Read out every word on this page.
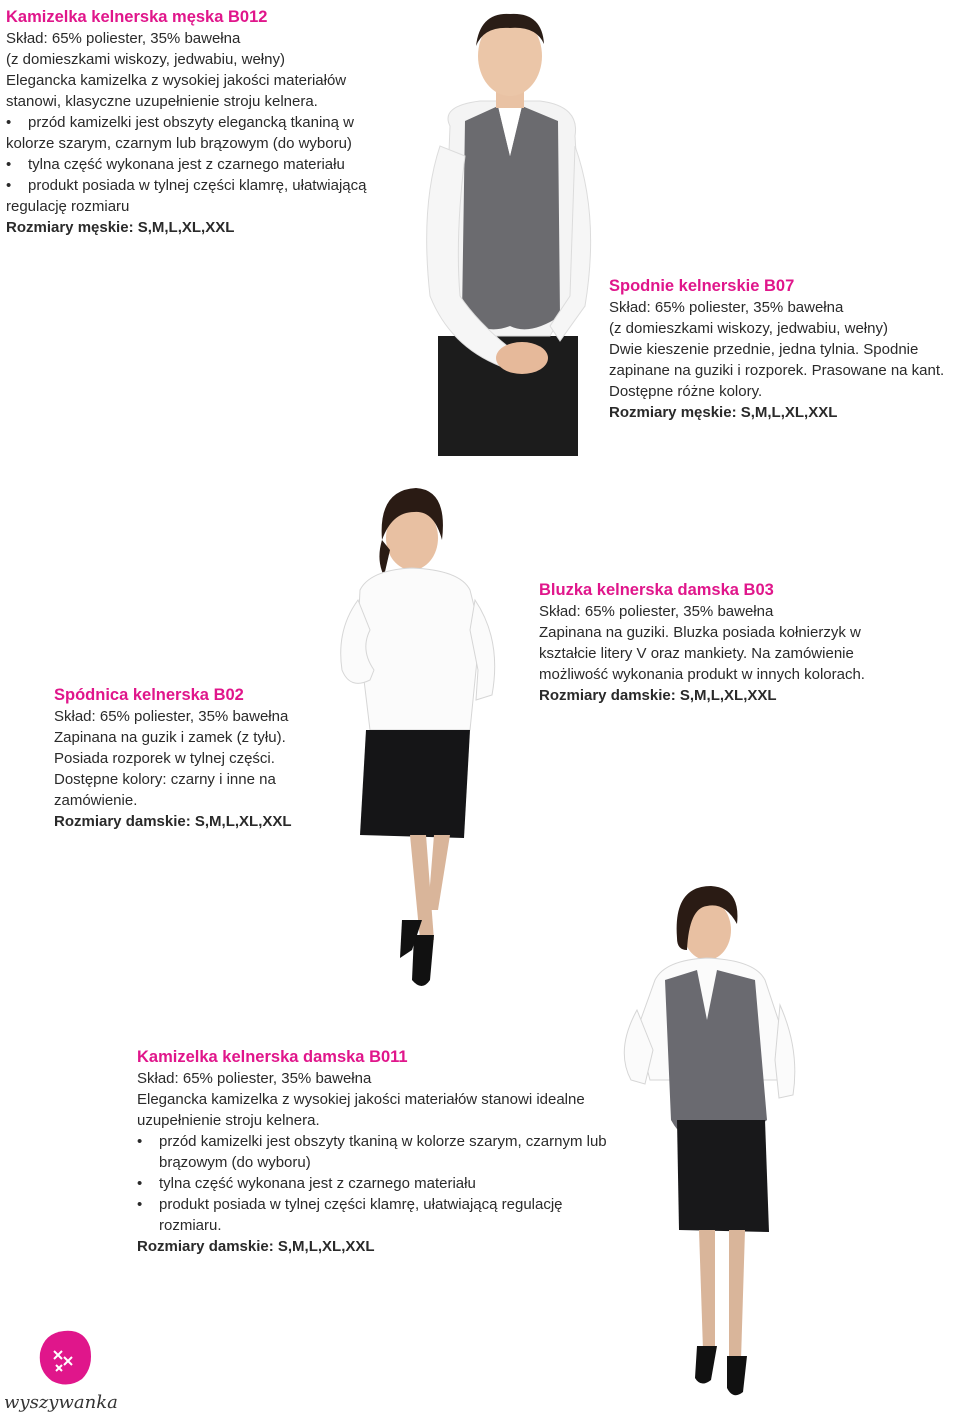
Kamizelka kelnerska męska B012

Skład: 65% poliester, 35% bawełna

(z domieszkami wiskozy, jedwabiu, wełny)

Elegancka kamizelka z wysokiej jakości materiałów

stanowi, klasyczne uzupełnienie stroju kelnera.

• przód kamizelki jest obszyty elegancką tkaniną w kolorze szarym, czarnym lub brązowym (do wyboru)

• tylna część wykonana jest z czarnego materiału

• produkt posiada w tylnej części klamrę, ułatwiającą regulację rozmiaru

Rozmiary męskie: S,M,L,XL,XXL

Spodnie kelnerskie B07

Skład: 65% poliester, 35% bawełna

(z domieszkami wiskozy, jedwabiu, wełny)

Dwie kieszenie przednie, jedna tylnia. Spodnie

zapinane na guziki i rozporek. Prasowane na kant.

Dostępne różne kolory.

Rozmiary męskie: S,M,L,XL,XXL

Bluzka kelnerska damska B03

Skład: 65% poliester, 35% bawełna

Zapinana na guziki. Bluzka posiada kołnierzyk w

kształcie litery V oraz mankiety. Na zamówienie

możliwość wykonania produkt w innych kolorach.

Rozmiary damskie: S,M,L,XL,XXL

Spódnica kelnerska B02

Skład: 65% poliester, 35% bawełna

Zapinana na guzik i zamek (z tyłu).

Posiada rozporek w tylnej części.

Dostępne kolory: czarny i inne na

zamówienie.

Rozmiary damskie: S,M,L,XL,XXL

Kamizelka kelnerska damska B011

Skład: 65% poliester, 35% bawełna

Elegancka kamizelka z wysokiej jakości materiałów stanowi idealne

uzupełnienie stroju kelnera.

• przód kamizelki jest obszyty tkaniną w kolorze szarym, czarnym lub brązowym (do wyboru)

• tylna część wykonana jest z czarnego materiału

• produkt posiada w tylnej części klamrę, ułatwiającą regulację rozmiaru.

Rozmiary damskie: S,M,L,XL,XXL

wyszywanka
